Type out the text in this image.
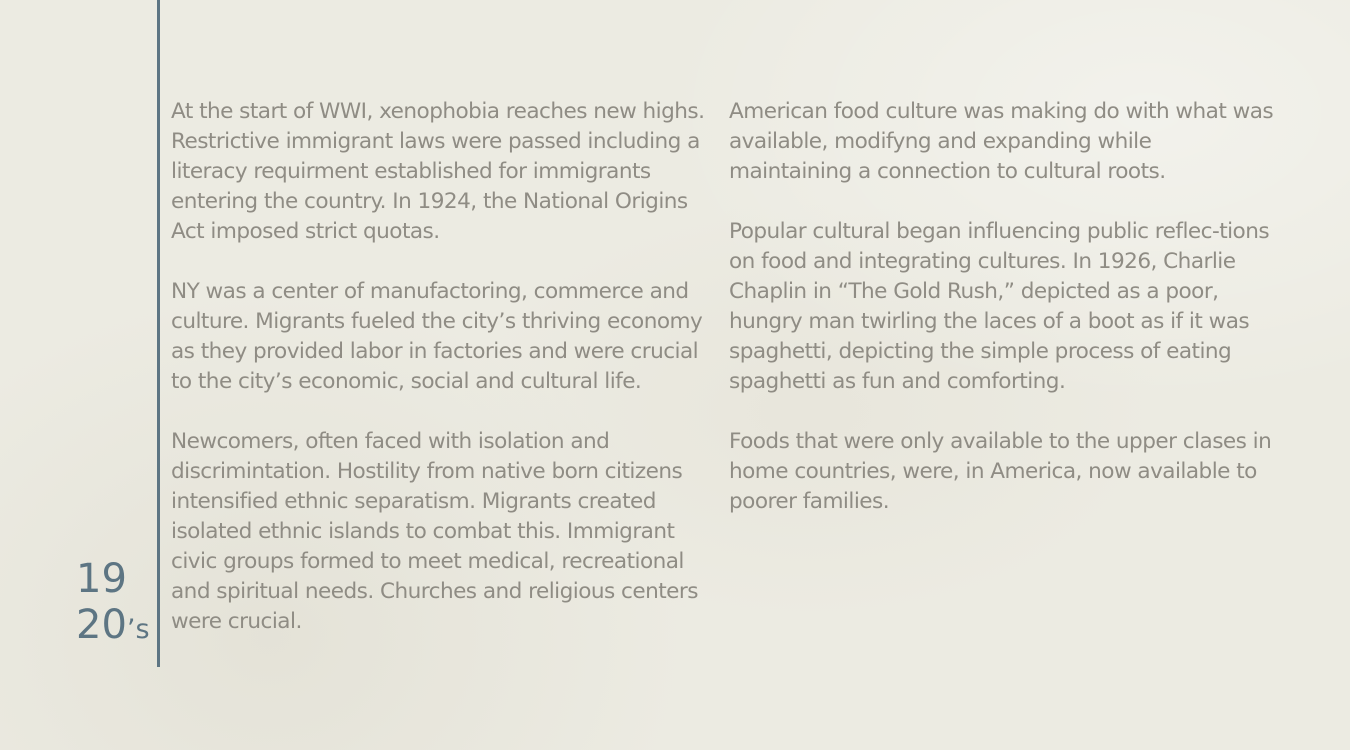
19
20’s

At the start of WWI, xenophobia reaches new highs. Restrictive immigrant laws were passed including a literacy requirment established for immigrants entering the country. In 1924, the National Origins Act imposed strict quotas.

NY was a center of manufactoring, commerce and culture. Migrants fueled the city’s thriving economy as they provided labor in factories and were crucial to the city’s economic, social and cultural life.

Newcomers, often faced with isolation and discrimintation. Hostility from native born citizens intensified ethnic separatism. Migrants created isolated ethnic islands to combat this. Immigrant civic groups formed to meet medical, recreational and spiritual needs. Churches and religious centers were crucial.

American food culture was making do with what was available, modifyng and expanding while maintaining a connection to cultural roots.

Popular cultural began influencing public reflec-tions on food and integrating cultures. In 1926, Charlie Chaplin in “The Gold Rush,” depicted as a poor, hungry man twirling the laces of a boot as if it was spaghetti, depicting the simple process of eating spaghetti as fun and comforting.

Foods that were only available to the upper clases in home countries, were, in America, now available to poorer families.
